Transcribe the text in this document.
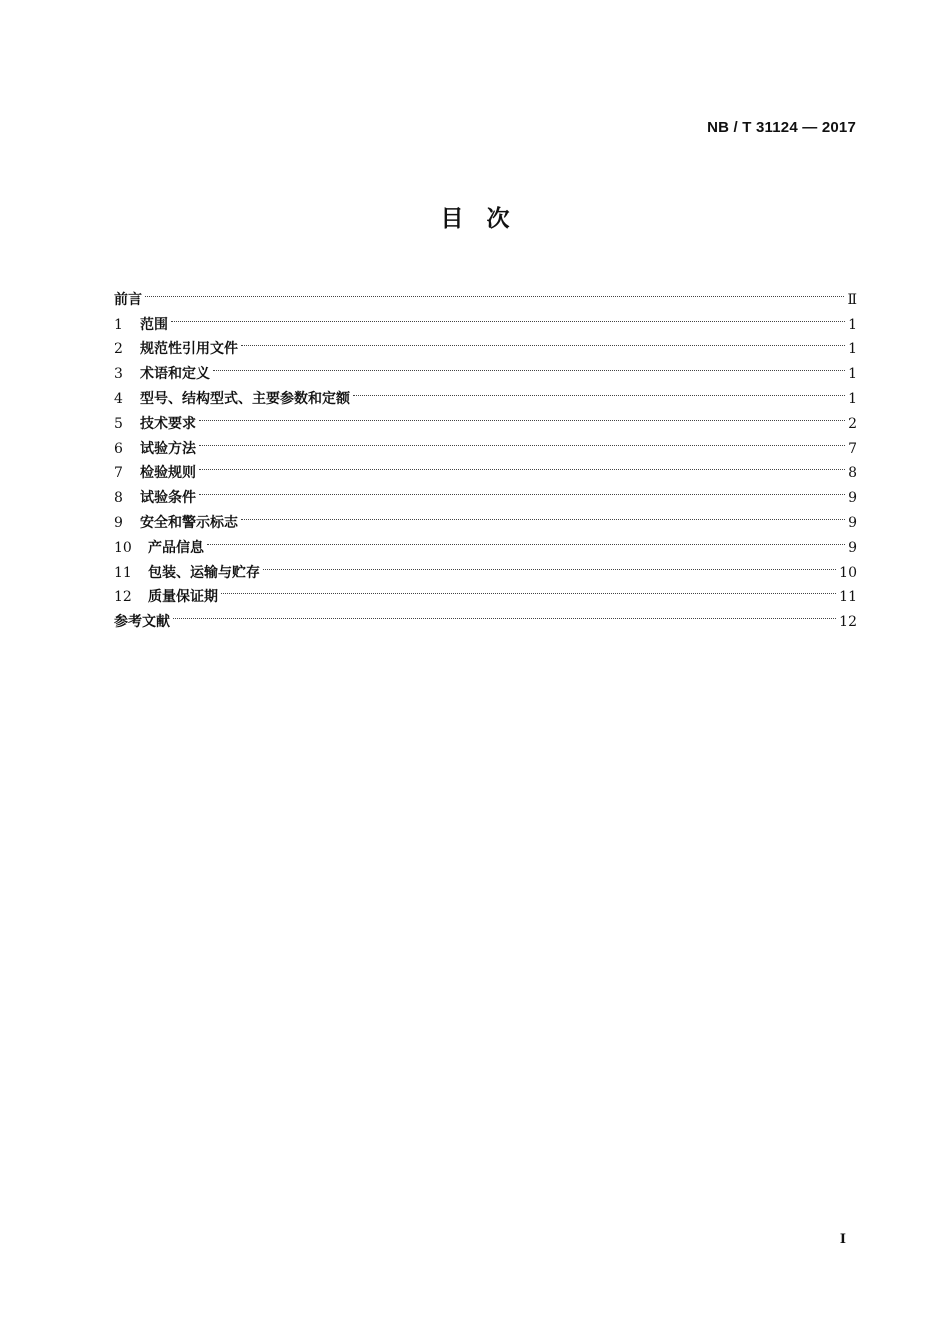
NB / T 31124 — 2017
目　次
前言	Ⅱ
1	范围	1
2	规范性引用文件	1
3	术语和定义	1
4	型号、结构型式、主要参数和定额	1
5	技术要求	2
6	试验方法	7
7	检验规则	8
8	试验条件	9
9	安全和警示标志	9
10	产品信息	9
11	包装、运输与贮存	10
12	质量保证期	11
参考文献	12
I
